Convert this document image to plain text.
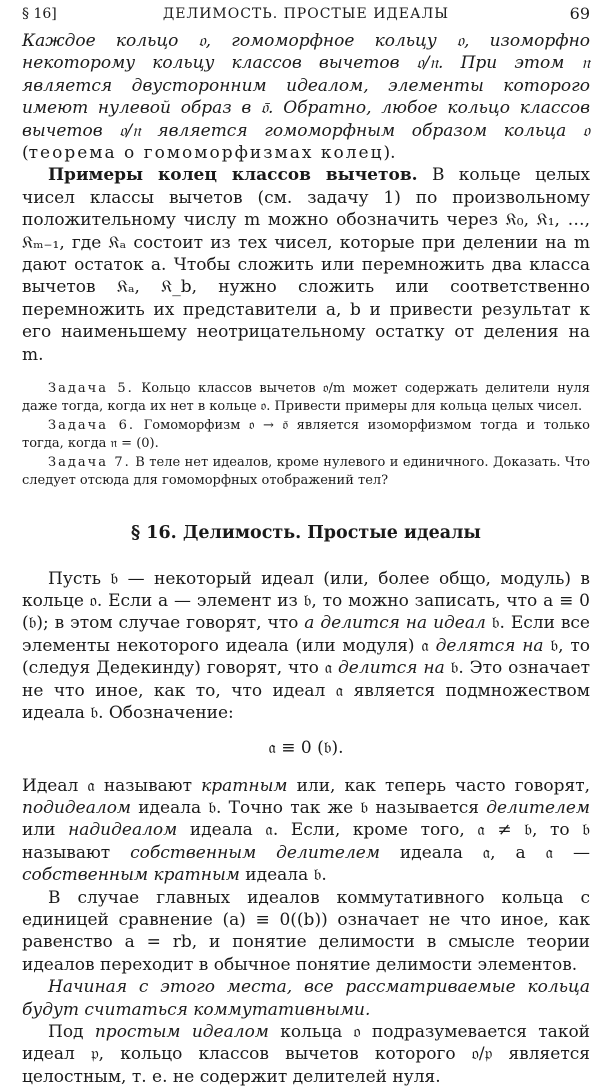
§ 16]	ДЕЛИМОСТЬ. ПРОСТЫЕ ИДЕАЛЫ	69

Каждое кольцо 𝔬, гомоморфное кольцу 𝔬, изоморфно некоторому кольцу классов вычетов 𝔬/𝔫. При этом 𝔫 является двусторонним идеалом, элементы которого имеют нулевой образ в 𝔬̄. Обратно, любое кольцо классов вычетов 𝔬/𝔫 является гомоморфным образом кольца 𝔬 (теорема о гомоморфизмах колец).

Примеры колец классов вычетов. В кольце целых чисел классы вычетов (см. задачу 1) по произвольному положительному числу m можно обозначить через 𝔎₀, 𝔎₁, …, 𝔎ₘ₋₁, где 𝔎ₐ состоит из тех чисел, которые при делении на m дают остаток a. Чтобы сложить или перемножить два класса вычетов 𝔎ₐ, 𝔎_b, нужно сложить или соответственно перемножить их представители a, b и привести результат к его наименьшему неотрицательному остатку от деления на m.

Задача 5. Кольцо классов вычетов 𝔬/m может содержать делители нуля даже тогда, когда их нет в кольце 𝔬. Привести примеры для кольца целых чисел.

Задача 6. Гомоморфизм 𝔬 → 𝔬̄ является изоморфизмом тогда и только тогда, когда 𝔫 = (0).

Задача 7. В теле нет идеалов, кроме нулевого и единичного. Доказать. Что следует отсюда для гомоморфных отображений тел?

§ 16. Делимость. Простые идеалы

Пусть 𝔟 — некоторый идеал (или, более общо, модуль) в кольце 𝔬. Если a — элемент из 𝔟, то можно записать, что a ≡ 0 (𝔟); в этом случае говорят, что a делится на идеал 𝔟. Если все элементы некоторого идеала (или модуля) 𝔞 делятся на 𝔟, то (следуя Дедекинду) говорят, что 𝔞 делится на 𝔟. Это означает не что иное, как то, что идеал 𝔞 является подмножеством идеала 𝔟. Обозначение:

𝔞 ≡ 0 (𝔟).

Идеал 𝔞 называют кратным или, как теперь часто говорят, подидеалом идеала 𝔟. Точно так же 𝔟 называется делителем или надидеалом идеала 𝔞. Если, кроме того, 𝔞 ≠ 𝔟, то 𝔟 называют собственным делителем идеала 𝔞, а 𝔞 — собственным кратным идеала 𝔟.

В случае главных идеалов коммутативного кольца с единицей сравнение (a) ≡ 0((b)) означает не что иное, как равенство a = rb, и понятие делимости в смысле теории идеалов переходит в обычное понятие делимости элементов.

Начиная с этого места, все рассматриваемые кольца будут считаться коммутативными.

Под простым идеалом кольца 𝔬 подразумевается такой идеал 𝔭, кольцо классов вычетов которого 𝔬/𝔭 является целостным, т. е. не содержит делителей нуля.
